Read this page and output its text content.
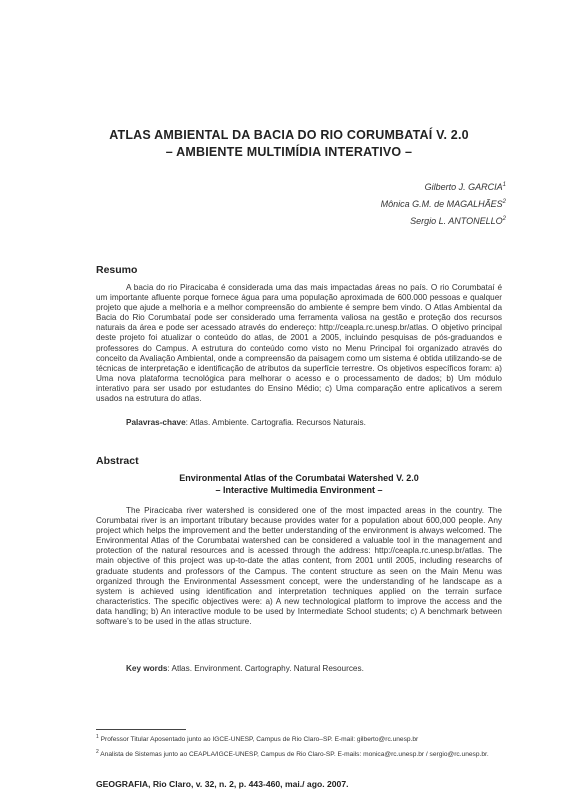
ATLAS AMBIENTAL DA BACIA DO RIO CORUMBATAÍ V. 2.0
– AMBIENTE MULTIMÍDIA INTERATIVO –
Gilberto J. GARCIA$^1$
Mônica G.M. de MAGALHÃES$^2$
Sergio L. ANTONELLO$^2$
Resumo

A bacia do rio Piracicaba é considerada uma das mais impactadas áreas no país. O rio Corumbataí é um importante afluente porque fornece água para uma população aproximada de 600.000 pessoas e qualquer projeto que ajude a melhoria e a melhor compreensão do ambiente é sempre bem vindo. O Atlas Ambiental da Bacia do Rio Corumbataí pode ser considerado uma ferramenta valiosa na gestão e proteção dos recursos naturais da área e pode ser acessado através do endereço: http://ceapla.rc.unesp.br/atlas. O objetivo principal deste projeto foi atualizar o conteúdo do atlas, de 2001 a 2005, incluindo pesquisas de pós-graduandos e professores do Campus. A estrutura do conteúdo como visto no Menu Principal foi organizado através do conceito da Avaliação Ambiental, onde a compreensão da paisagem como um sistema é obtida utilizando-se de técnicas de interpretação e identificação de atributos da superfície terrestre. Os objetivos específicos foram: a) Uma nova plataforma tecnológica para melhorar o acesso e o processamento de dados; b) Um módulo interativo para ser usado por estudantes do Ensino Médio; c) Uma comparação entre aplicativos a serem usados na estrutura do atlas.

Palavras-chave: Atlas. Ambiente. Cartografia. Recursos Naturais.
Abstract
Environmental Atlas of the Corumbatai Watershed V. 2.0
– Interactive Multimedia Environment –

The Piracicaba river watershed is considered one of the most impacted areas in the country. The Corumbatai river is an important tributary because provides water for a population about 600,000 people. Any project which helps the improvement and the better understanding of the environment is always welcomed. The Environmental Atlas of the Corumbatai watershed can be considered a valuable tool in the management and protection of the natural resources and is acessed through the address: http://ceapla.rc.unesp.br/atlas. The main objective of this project was up-to-date the atlas content, from 2001 until 2005, including researchs of graduate students and professors of the Campus. The content structure as seen on the Main Menu was organized through the Environmental Assessment concept, were the understanding of he landscape as a system is achieved using identification and interpretation techniques applied on the terrain surface characteristics. The specific objectives were: a) A new technological platform to improve the access and the data handling; b) An interactive module to be used by Intermediate School students; c) A benchmark between software’s to be used in the atlas structure.

Key words: Atlas. Environment. Cartography. Natural Resources.
$^1$ Professor Titular Aposentado junto ao IGCE-UNESP, Campus de Rio Claro–SP. E-mail: gilberto@rc.unesp.br
$^2$ Analista de Sistemas junto ao CEAPLA/IGCE-UNESP, Campus de Rio Claro-SP. E-mails: monica@rc.unesp.br / sergio@rc.unesp.br.
GEOGRAFIA, Rio Claro, v. 32, n. 2, p. 443-460, mai./ ago. 2007.
